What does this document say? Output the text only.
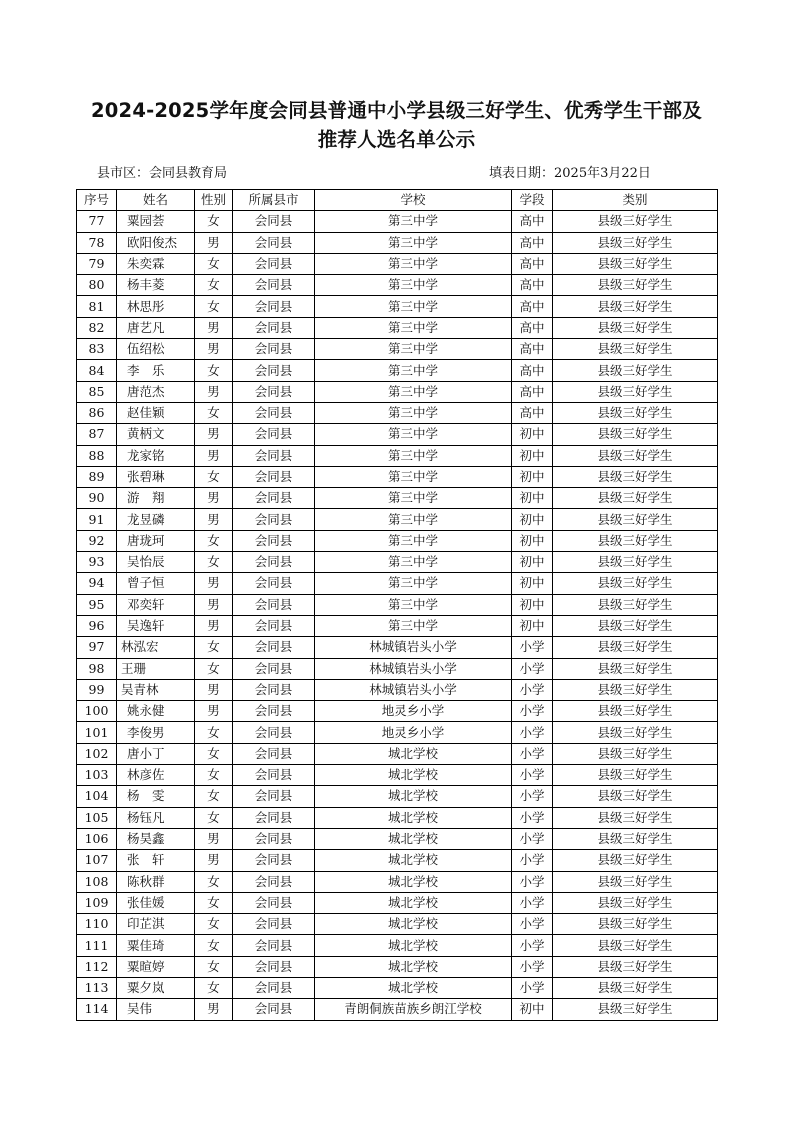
2024-2025学年度会同县普通中小学县级三好学生、优秀学生干部及
推荐人选名单公示
县市区：会同县教育局	填表日期：2025年3月22日
序号	姓名	性别	所属县市	学校	学段	类别
77	粟园荟	女	会同县	第三中学	高中	县级三好学生
78	欧阳俊杰	男	会同县	第三中学	高中	县级三好学生
79	朱奕霖	女	会同县	第三中学	高中	县级三好学生
80	杨丰菱	女	会同县	第三中学	高中	县级三好学生
81	林思彤	女	会同县	第三中学	高中	县级三好学生
82	唐艺凡	男	会同县	第三中学	高中	县级三好学生
83	伍绍松	男	会同县	第三中学	高中	县级三好学生
84	李　乐	女	会同县	第三中学	高中	县级三好学生
85	唐范杰	男	会同县	第三中学	高中	县级三好学生
86	赵佳颖	女	会同县	第三中学	高中	县级三好学生
87	黄柄文	男	会同县	第三中学	初中	县级三好学生
88	龙家铭	男	会同县	第三中学	初中	县级三好学生
89	张碧琳	女	会同县	第三中学	初中	县级三好学生
90	游　翔	男	会同县	第三中学	初中	县级三好学生
91	龙昱磷	男	会同县	第三中学	初中	县级三好学生
92	唐珑珂	女	会同县	第三中学	初中	县级三好学生
93	吴怡辰	女	会同县	第三中学	初中	县级三好学生
94	曾子恒	男	会同县	第三中学	初中	县级三好学生
95	邓奕轩	男	会同县	第三中学	初中	县级三好学生
96	吴逸轩	男	会同县	第三中学	初中	县级三好学生
97	林泓宏	女	会同县	林城镇岩头小学	小学	县级三好学生
98	王珊	女	会同县	林城镇岩头小学	小学	县级三好学生
99	吴青林	男	会同县	林城镇岩头小学	小学	县级三好学生
100	姚永健	男	会同县	地灵乡小学	小学	县级三好学生
101	李俊男	女	会同县	地灵乡小学	小学	县级三好学生
102	唐小丁	女	会同县	城北学校	小学	县级三好学生
103	林彦佐	女	会同县	城北学校	小学	县级三好学生
104	杨　雯	女	会同县	城北学校	小学	县级三好学生
105	杨钰凡	女	会同县	城北学校	小学	县级三好学生
106	杨昊鑫	男	会同县	城北学校	小学	县级三好学生
107	张　轩	男	会同县	城北学校	小学	县级三好学生
108	陈秋群	女	会同县	城北学校	小学	县级三好学生
109	张佳媛	女	会同县	城北学校	小学	县级三好学生
110	印芷淇	女	会同县	城北学校	小学	县级三好学生
111	粟佳琦	女	会同县	城北学校	小学	县级三好学生
112	粟暄婷	女	会同县	城北学校	小学	县级三好学生
113	粟夕岚	女	会同县	城北学校	小学	县级三好学生
114	吴伟	男	会同县	青朗侗族苗族乡朗江学校	初中	县级三好学生
